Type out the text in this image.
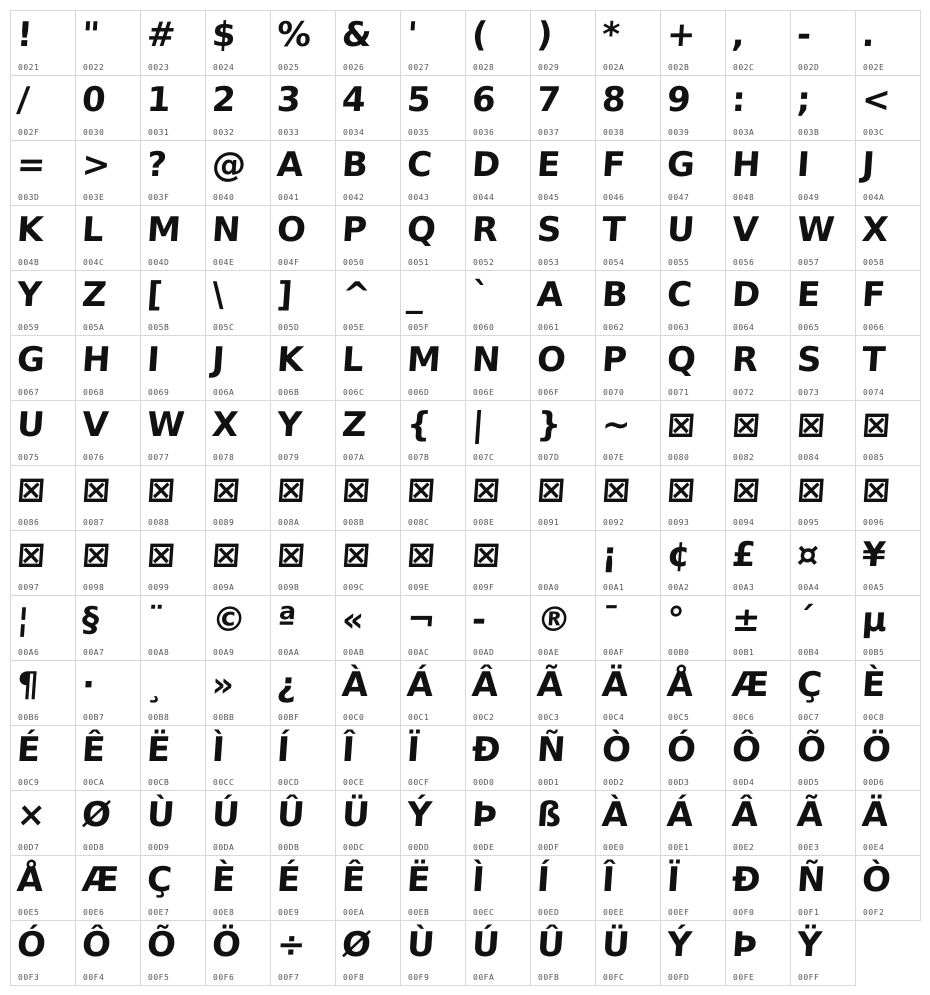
!
0021
"
0022
#
0023
$
0024
%
0025
&
0026
'
0027
(
0028
)
0029
*
002A
+
002B
,
002C
-
002D
.
002E
/
002F
0
0030
1
0031
2
0032
3
0033
4
0034
5
0035
6
0036
7
0037
8
0038
9
0039
:
003A
;
003B
<
003C
=
003D
>
003E
?
003F
@
0040
A
0041
B
0042
C
0043
D
0044
E
0045
F
0046
G
0047
H
0048
I
0049
J
004A
K
004B
L
004C
M
004D
N
004E
O
004F
P
0050
Q
0051
R
0052
S
0053
T
0054
U
0055
V
0056
W
0057
X
0058
Y
0059
Z
005A
[
005B
\
005C
]
005D
^
005E
_
005F
`
0060
A
0061
B
0062
C
0063
D
0064
E
0065
F
0066
G
0067
H
0068
I
0069
J
006A
K
006B
L
006C
M
006D
N
006E
O
006F
P
0070
Q
0071
R
0072
S
0073
T
0074
U
0075
V
0076
W
0077
X
0078
Y
0079
Z
007A
{
007B
|
007C
}
007D
~
007E
⊠
0080
⊠
0082
⊠
0084
⊠
0085
⊠
0086
⊠
0087
⊠
0088
⊠
0089
⊠
008A
⊠
008B
⊠
008C
⊠
008E
⊠
0091
⊠
0092
⊠
0093
⊠
0094
⊠
0095
⊠
0096
⊠
0097
⊠
0098
⊠
0099
⊠
009A
⊠
009B
⊠
009C
⊠
009E
⊠
009F	00A0
¡
00A1
¢
00A2
£
00A3
¤
00A4
¥
00A5
¦
00A6
§
00A7
¨
00A8
©
00A9
ª
00AA
«
00AB
¬
00AC
-
00AD
®
00AE
¯
00AF
°
00B0
±
00B1
´
00B4
µ
00B5
¶
00B6
·
00B7
¸
00B8
»
00BB
¿
00BF
À
00C0
Á
00C1
Â
00C2
Ã
00C3
Ä
00C4
Å
00C5
Æ
00C6
Ç
00C7
È
00C8
É
00C9
Ê
00CA
Ë
00CB
Ì
00CC
Í
00CD
Î
00CE
Ï
00CF
Ð
00D0
Ñ
00D1
Ò
00D2
Ó
00D3
Ô
00D4
Õ
00D5
Ö
00D6
×
00D7
Ø
00D8
Ù
00D9
Ú
00DA
Û
00DB
Ü
00DC
Ý
00DD
Þ
00DE
ß
00DF
À
00E0
Á
00E1
Â
00E2
Ã
00E3
Ä
00E4
Å
00E5
Æ
00E6
Ç
00E7
È
00E8
É
00E9
Ê
00EA
Ë
00EB
Ì
00EC
Í
00ED
Î
00EE
Ï
00EF
Ð
00F0
Ñ
00F1
Ò
00F2
Ó
00F3
Ô
00F4
Õ
00F5
Ö
00F6
÷
00F7
Ø
00F8
Ù
00F9
Ú
00FA
Û
00FB
Ü
00FC
Ý
00FD
Þ
00FE
Ÿ
00FF
